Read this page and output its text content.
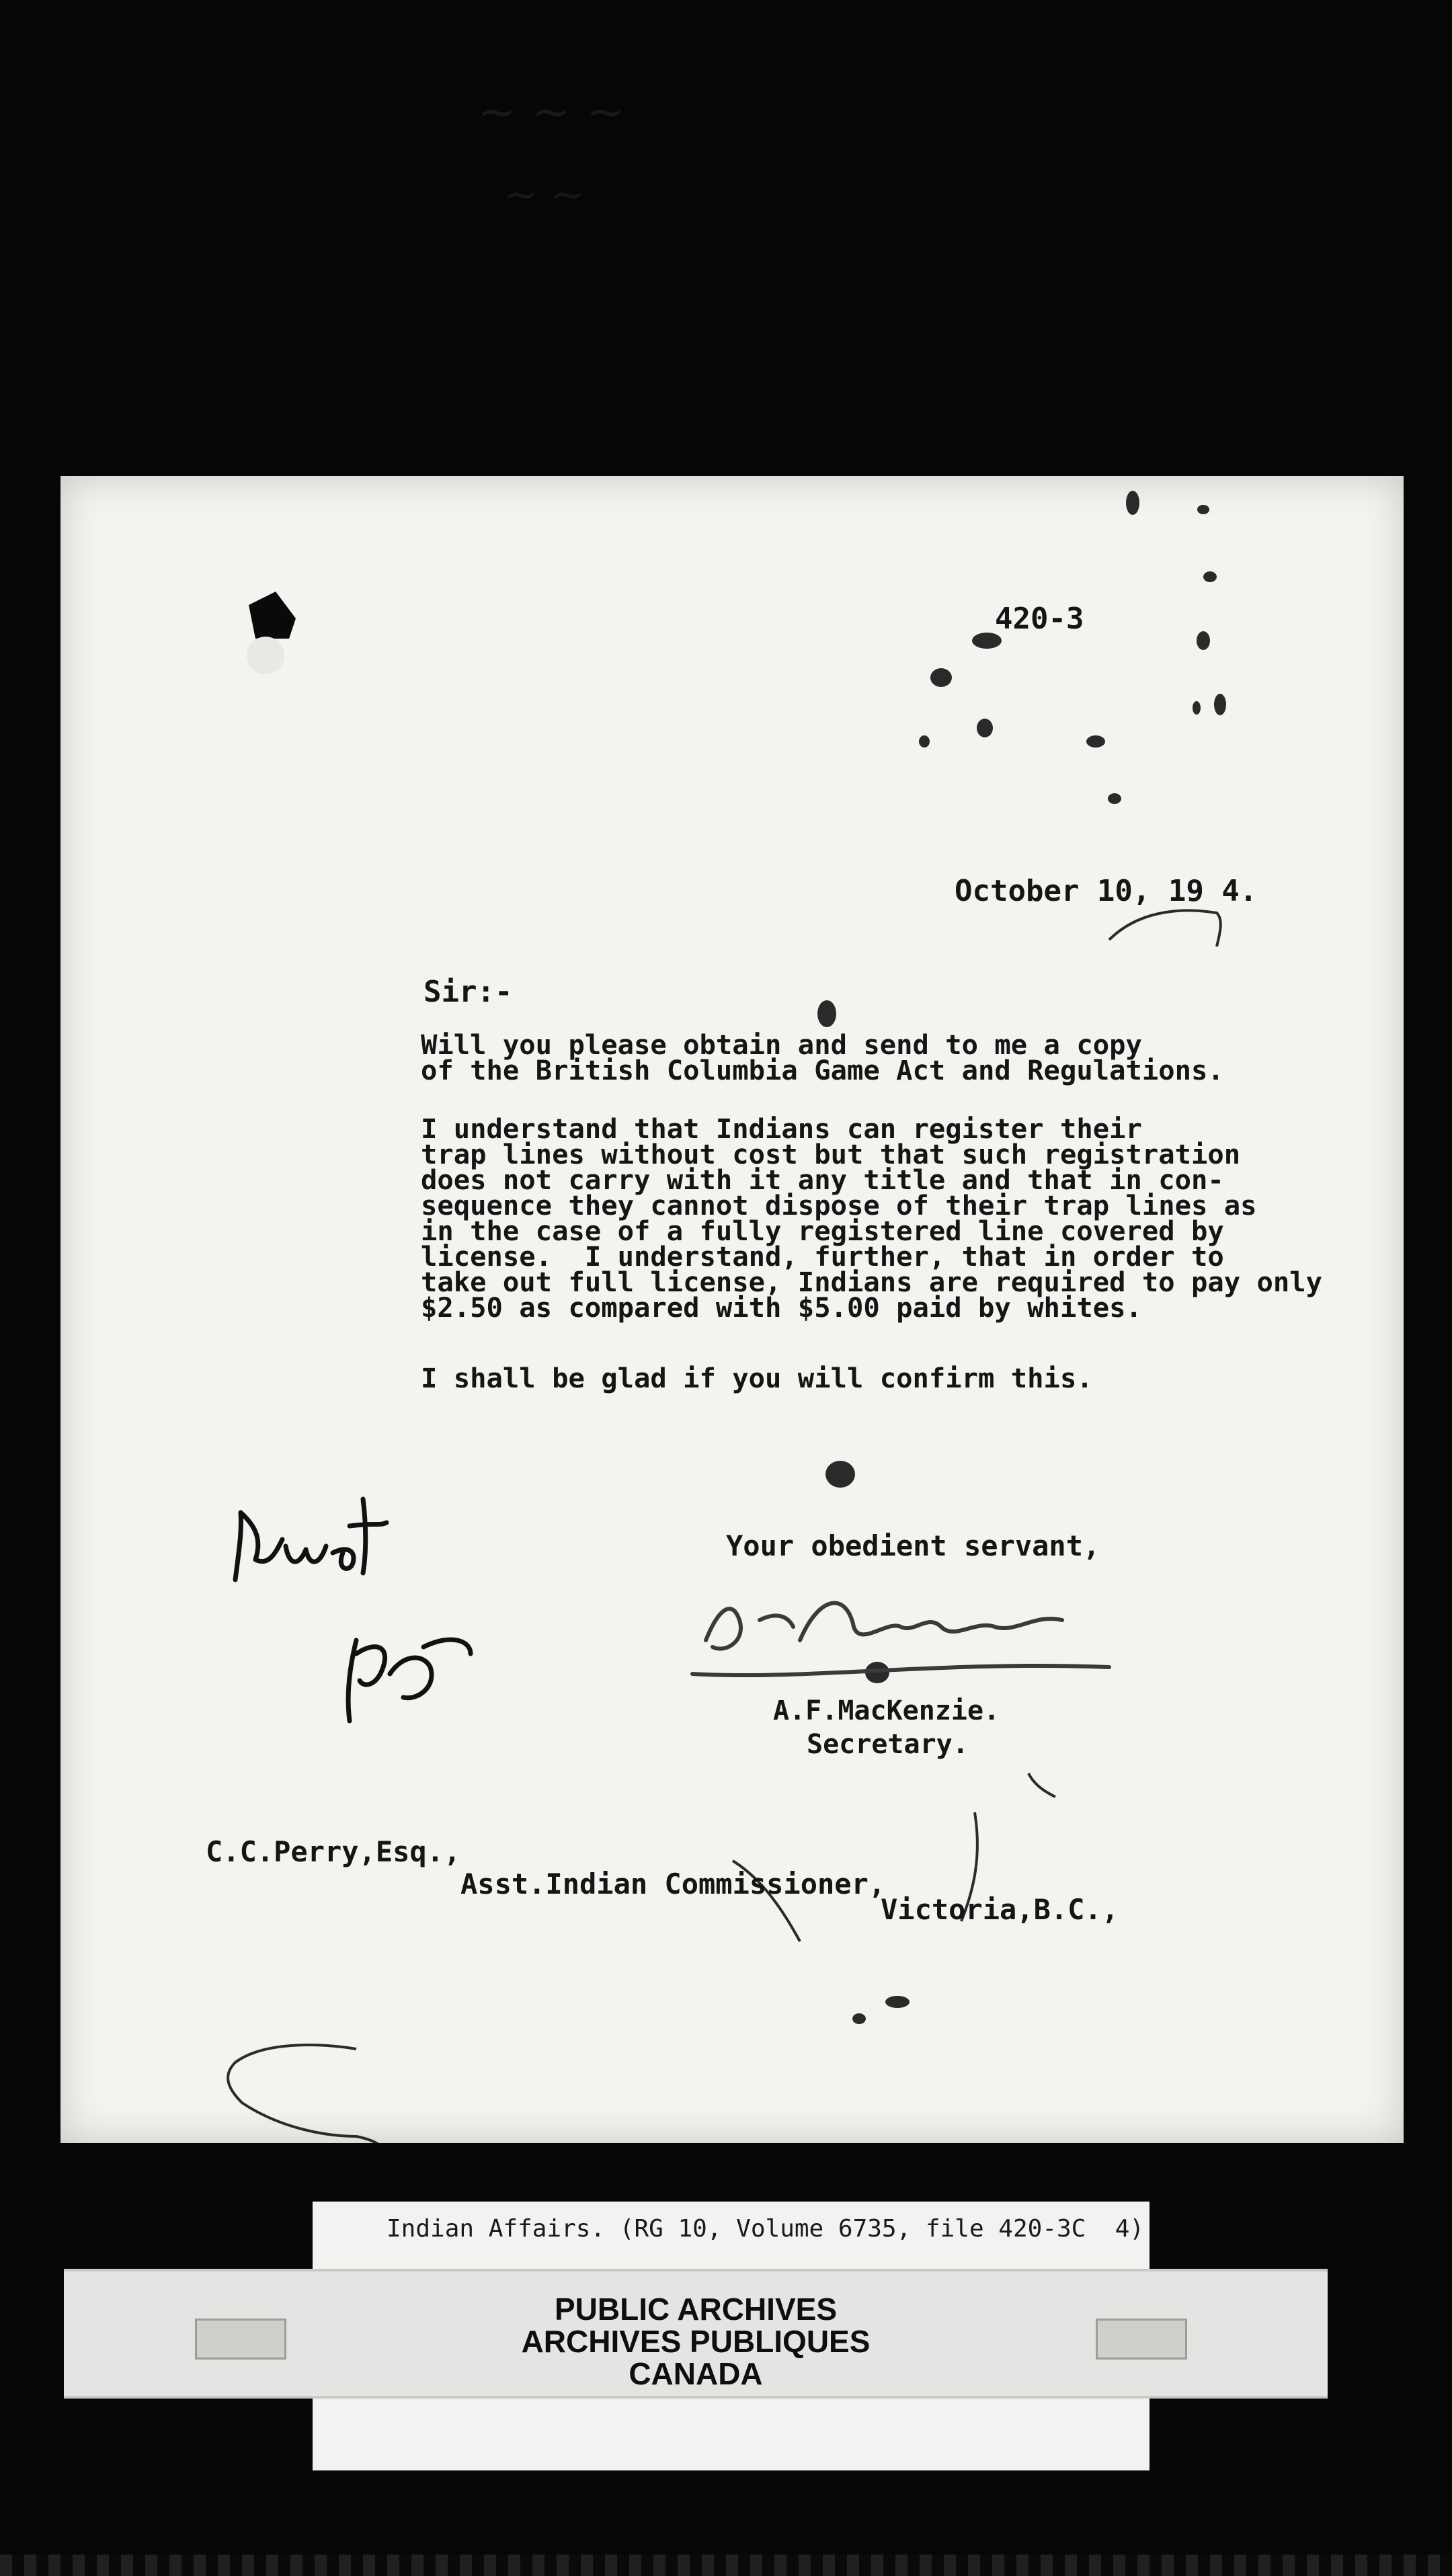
~ ~ ~
~ ~
420-3
October 10, 19 4.
Sir:-
Will you please obtain and send to me a copy
of the British Columbia Game Act and Regulations.
I understand that Indians can register their
trap lines without cost but that such registration
does not carry with it any title and that in con-
sequence they cannot dispose of their trap lines as
in the case of a fully registered line covered by
license.  I understand, further, that in order to
take out full license, Indians are required to pay only
$2.50 as compared with $5.00 paid by whites.
I shall be glad if you will confirm this.
Your obedient servant,
A.F.MacKenzie.
Secretary.
C.C.Perry,Esq.,
Asst.Indian Commissioner,
Victoria,B.C.,
Indian Affairs. (RG 10, Volume 6735, file 420-3C  4)
PUBLIC ARCHIVES
ARCHIVES PUBLIQUES
CANADA
